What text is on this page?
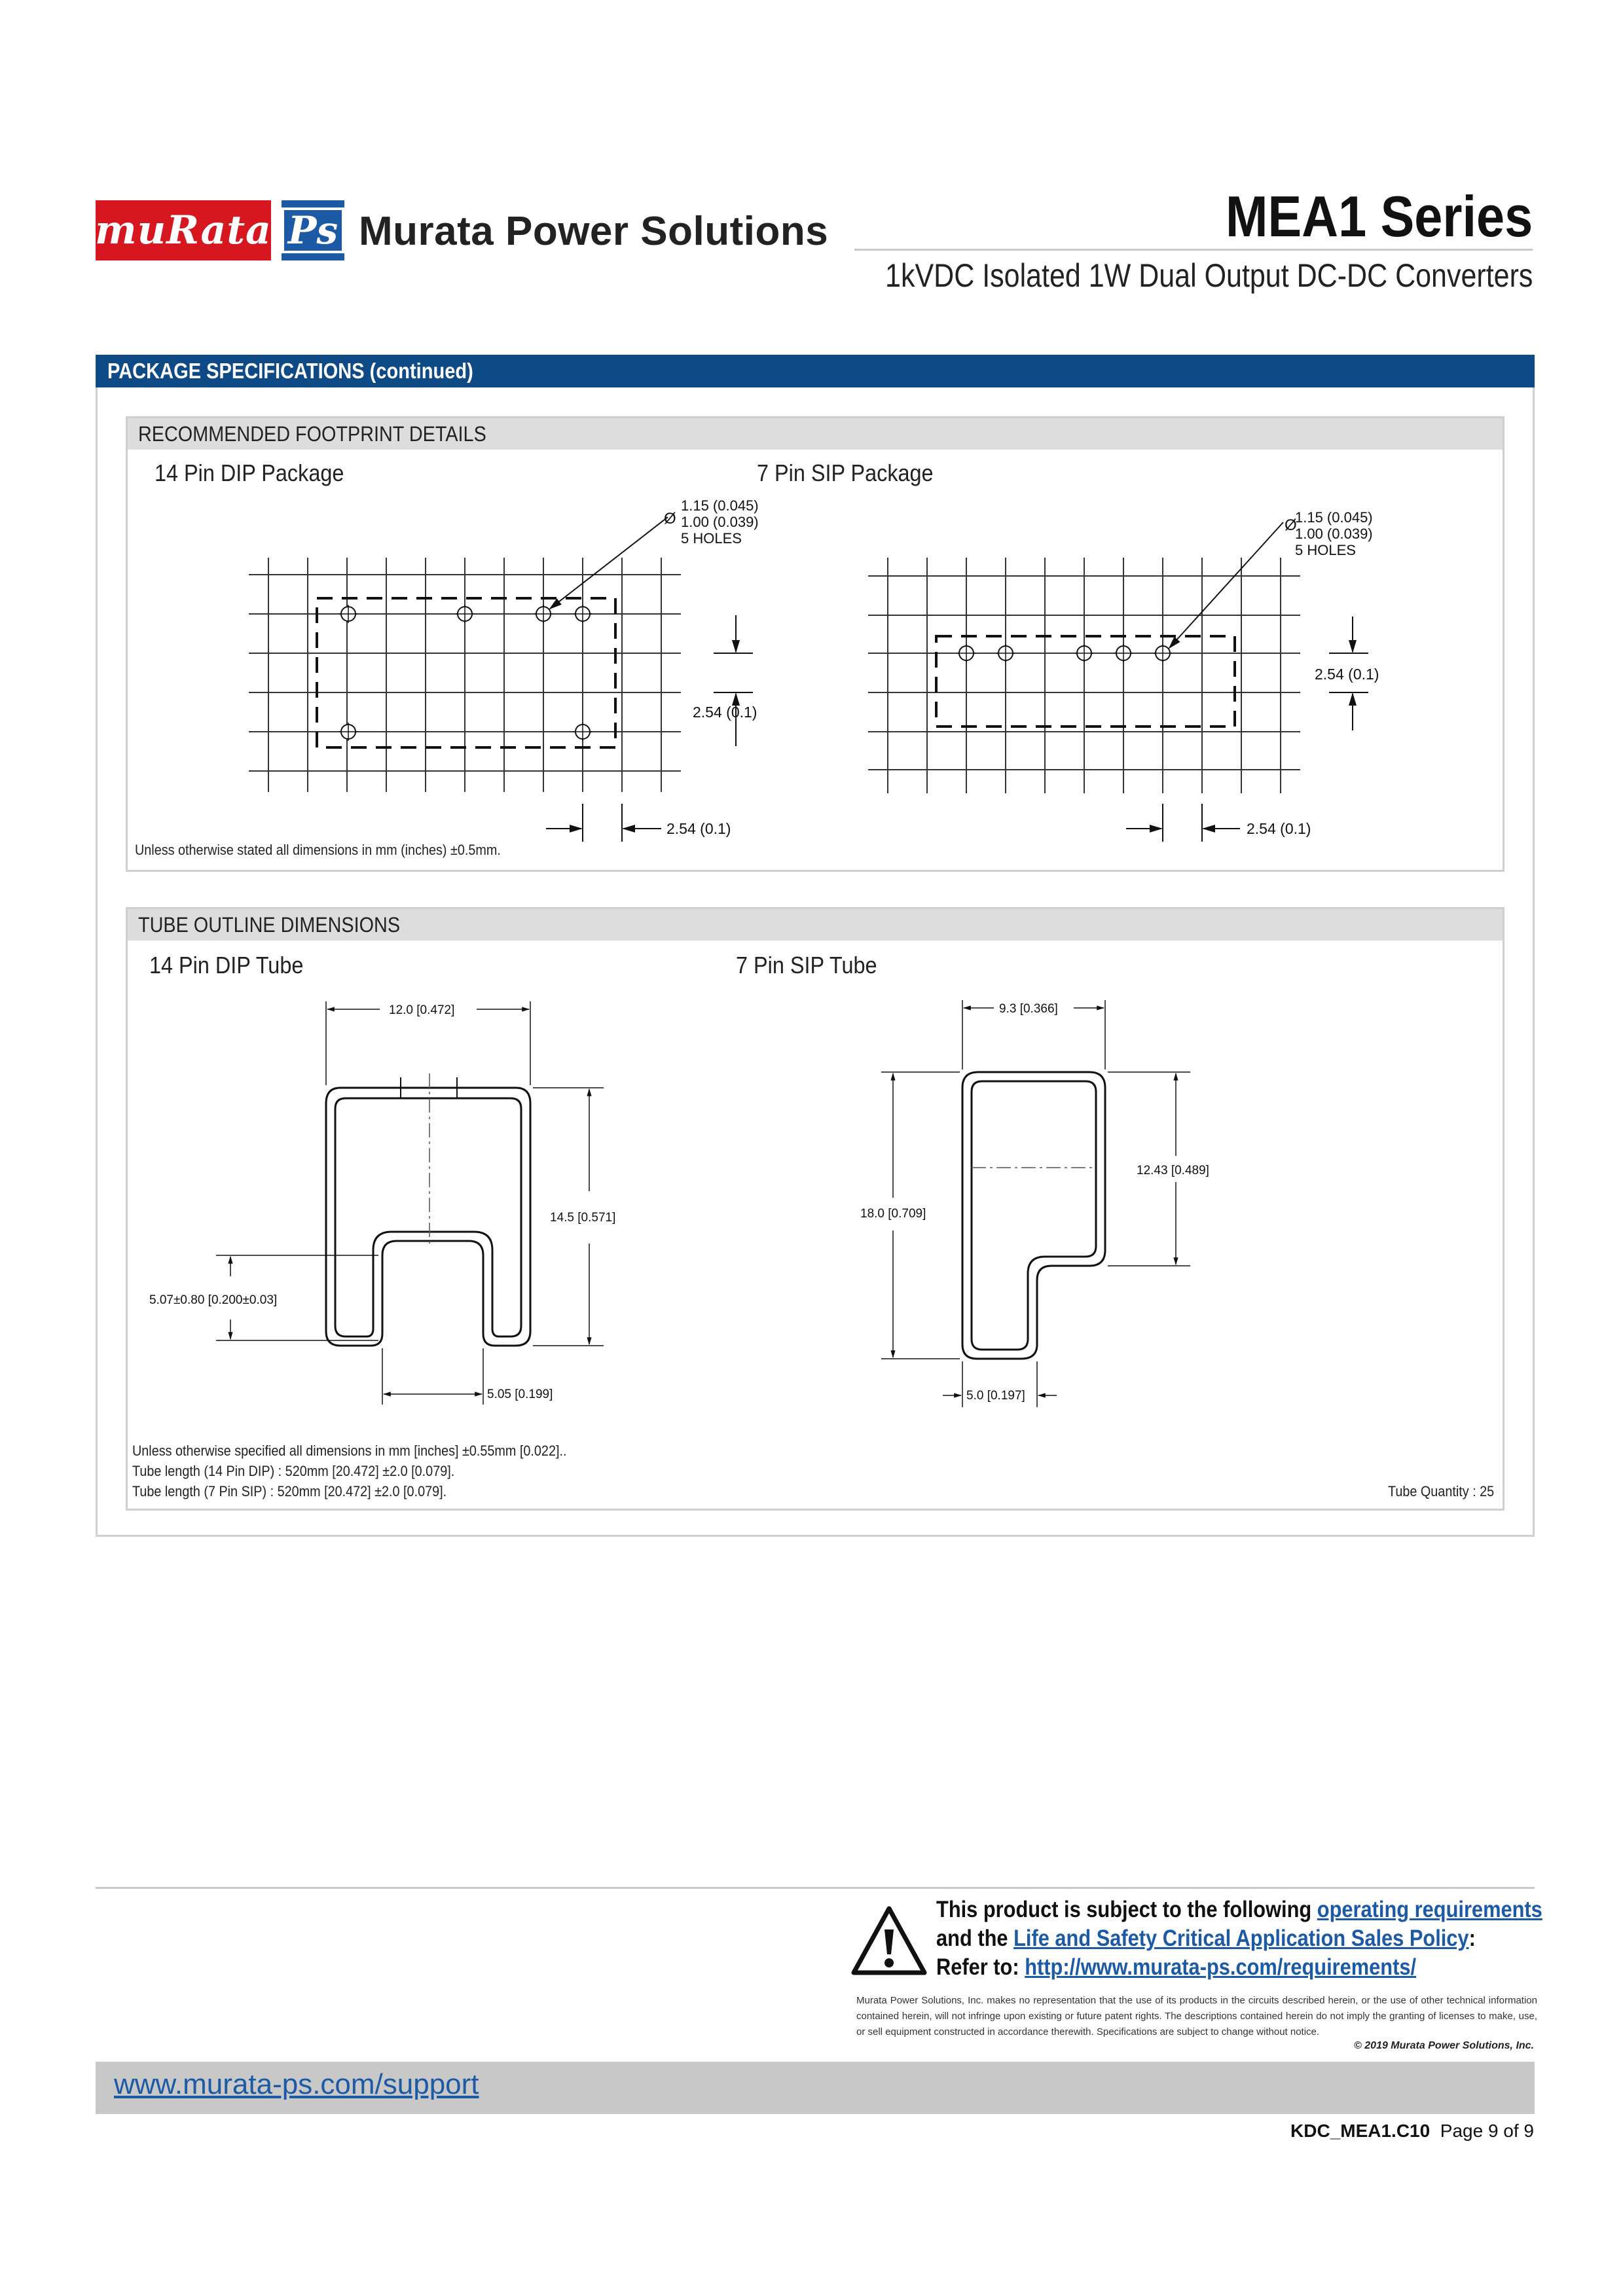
muRata Ps Murata Power Solutions	MEA1 Series
1kVDC Isolated 1W Dual Output DC-DC Converters
PACKAGE SPECIFICATIONS (continued)
RECOMMENDED FOOTPRINT DETAILS
14 Pin DIP Package	7 Pin SIP Package
Ø
1.15 (0.045)
1.00 (0.039)
5 HOLES
2.54 (0.1)
2.54 (0.1)
Ø
1.15 (0.045)
1.00 (0.039)
5 HOLES
2.54 (0.1)
2.54 (0.1)
Unless otherwise stated all dimensions in mm (inches) ±0.5mm.
TUBE OUTLINE DIMENSIONS
14 Pin DIP Tube	7 Pin SIP Tube
12.0 [0.472]
14.5 [0.571]
5.07±0.80 [0.200±0.03]
5.05 [0.199]
9.3 [0.366]
18.0 [0.709]
12.43 [0.489]
5.0 [0.197]
Unless otherwise specified all dimensions in mm [inches] ±0.55mm [0.022]..
Tube length (14 Pin DIP) : 520mm [20.472] ±2.0 [0.079].
Tube length (7 Pin SIP) : 520mm [20.472] ±2.0 [0.079].	Tube Quantity : 25
This product is subject to the following operating requirements
and the Life and Safety Critical Application Sales Policy:
Refer to: http://www.murata-ps.com/requirements/
Murata Power Solutions, Inc. makes no representation that the use of its products in the circuits described herein, or the use of other technical information contained herein, will not infringe upon existing or future patent rights. The descriptions contained herein do not imply the granting of licenses to make, use, or sell equipment constructed in accordance therewith. Specifications are subject to change without notice.
© 2019 Murata Power Solutions, Inc.
www.murata-ps.com/support
KDC_MEA1.C10 Page 9 of 9
